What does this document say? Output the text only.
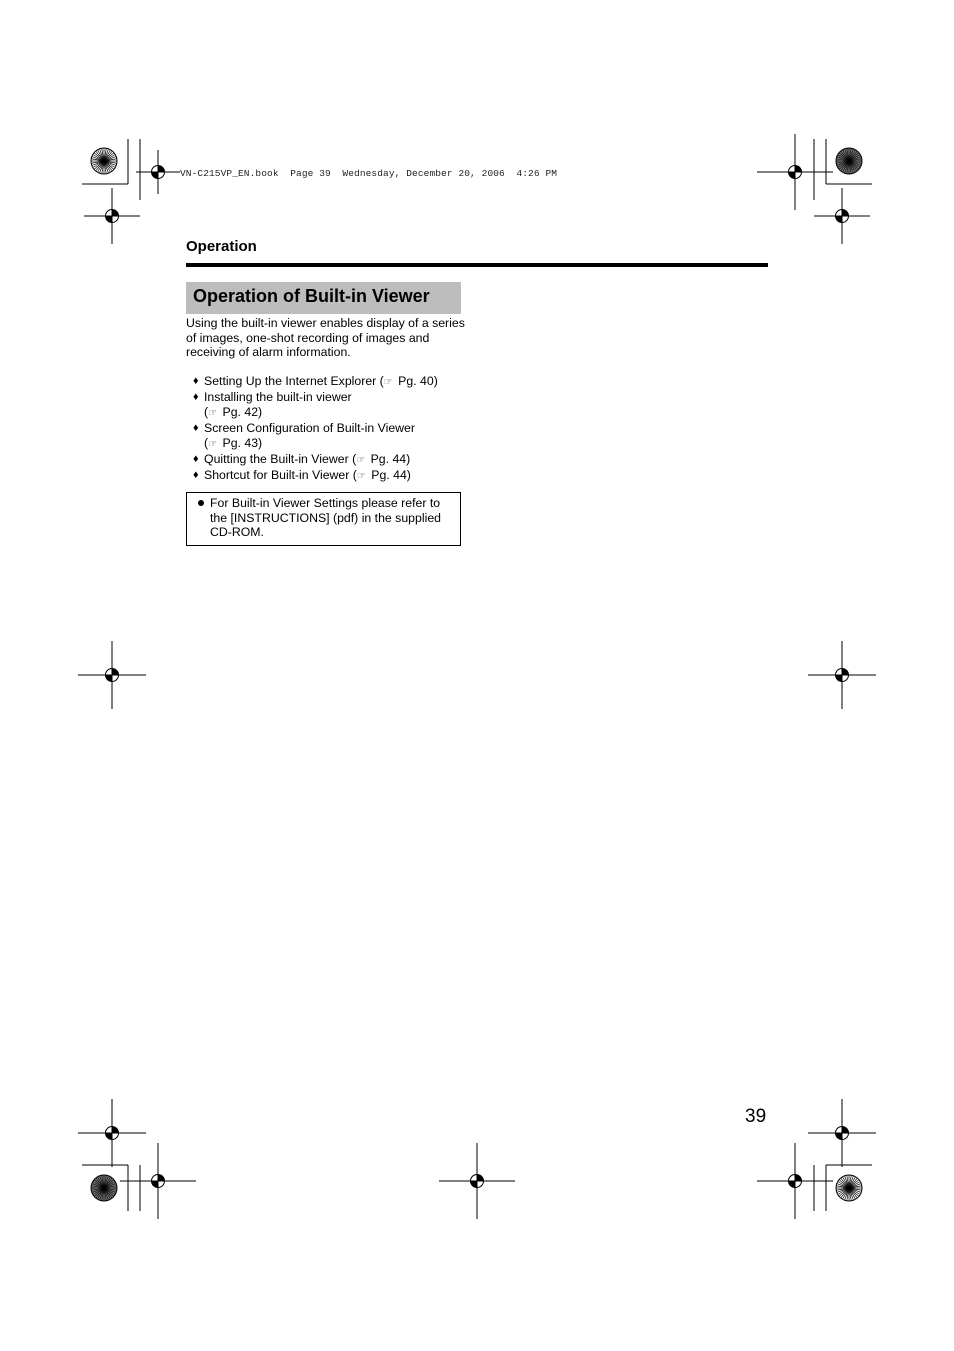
VN-C215VP_EN.book  Page 39  Wednesday, December 20, 2006  4:26 PM
Operation
Operation of Built-in Viewer
Using the built-in viewer enables display of a series of images, one-shot recording of images and receiving of alarm information.
♦ Setting Up the Internet Explorer (☞ Pg. 40)
♦ Installing the built-in viewer
(☞ Pg. 42)
♦ Screen Configuration of Built-in Viewer
(☞ Pg. 43)
♦ Quitting the Built-in Viewer (☞ Pg. 44)
♦ Shortcut for Built-in Viewer (☞ Pg. 44)
For Built-in Viewer Settings please refer to the [INSTRUCTIONS] (pdf) in the supplied CD-ROM.
39
